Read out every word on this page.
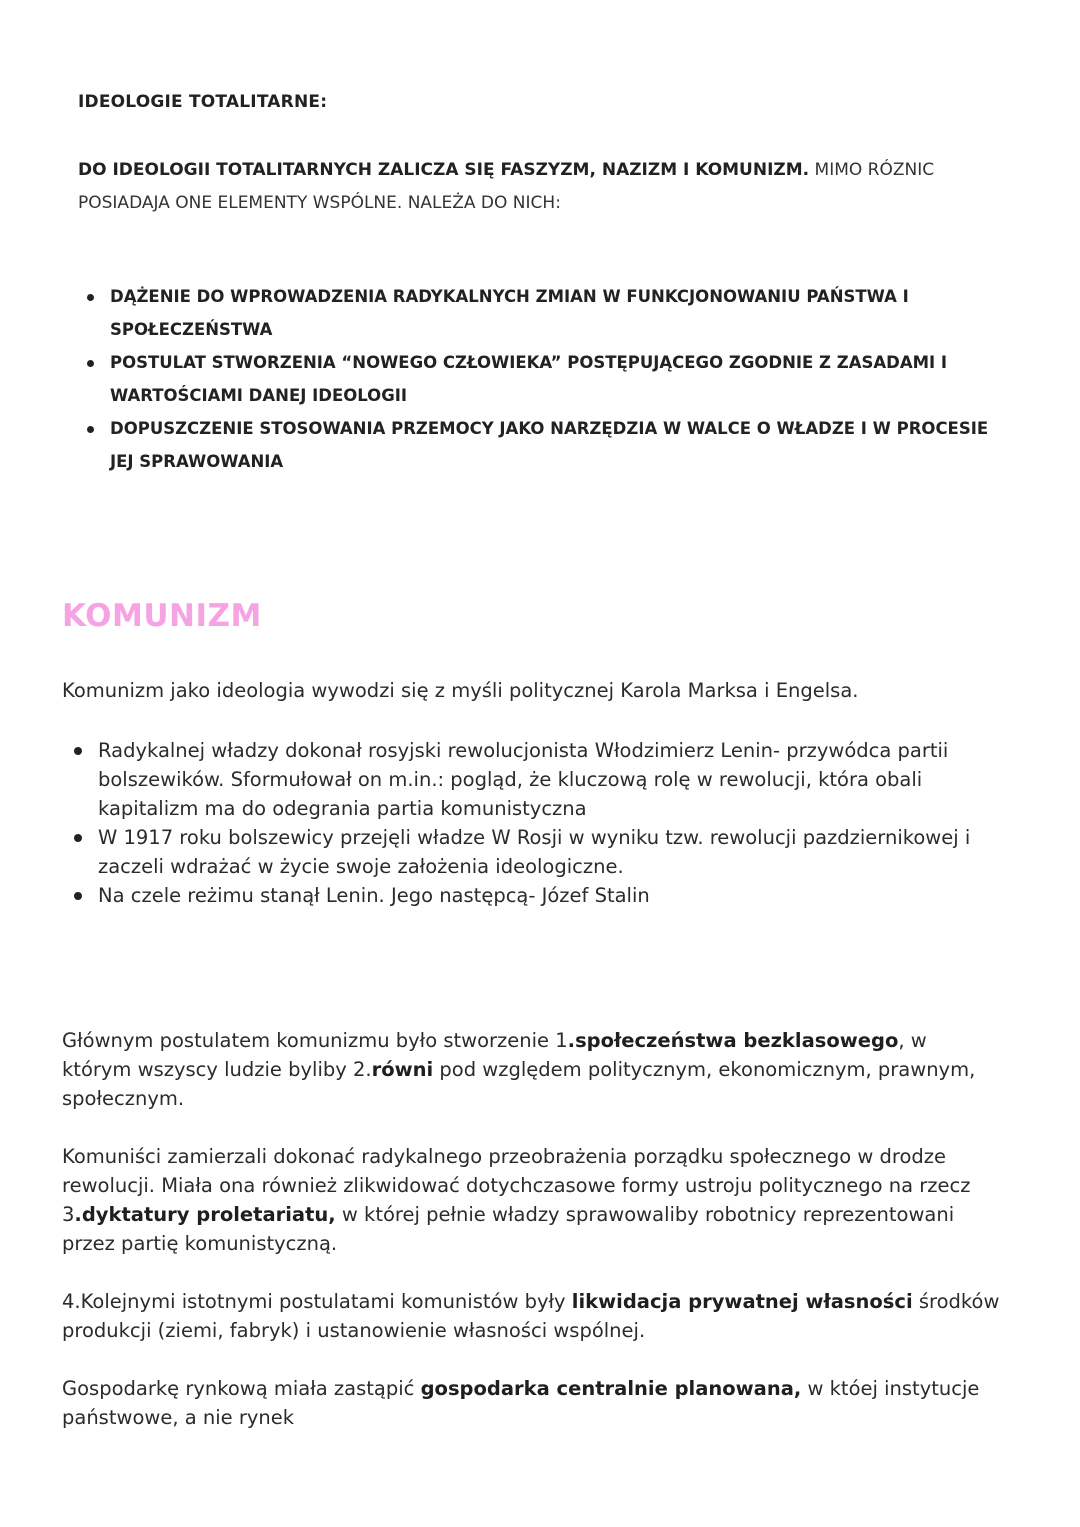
IDEOLOGIE TOTALITARNE:

DO IDEOLOGII TOTALITARNYCH ZALICZA SIĘ FASZYZM, NAZIZM I KOMUNIZM. MIMO RÓZNIC POSIADAJA ONE ELEMENTY WSPÓLNE. NALEŻA DO NICH:

DĄŻENIE DO WPROWADZENIA RADYKALNYCH ZMIAN W FUNKCJONOWANIU PAŃSTWA I SPOŁECZEŃSTWA
POSTULAT STWORZENIA “NOWEGO CZŁOWIEKA” POSTĘPUJĄCEGO ZGODNIE Z ZASADAMI I WARTOŚCIAMI DANEJ IDEOLOGII
DOPUSZCZENIE STOSOWANIA PRZEMOCY JAKO NARZĘDZIA W WALCE O WŁADZE I W PROCESIE JEJ SPRAWOWANIA
KOMUNIZM

Komunizm jako ideologia wywodzi się z myśli politycznej Karola Marksa i Engelsa.

Radykalnej władzy dokonał rosyjski rewolucjonista Włodzimierz Lenin- przywódca partii bolszewików. Sformułował on m.in.: pogląd, że kluczową rolę w rewolucji, która obali kapitalizm ma do odegrania partia komunistyczna
W 1917 roku bolszewicy przejęli władze W Rosji w wyniku tzw. rewolucji pazdziernikowej i zaczeli wdrażać w życie swoje założenia ideologiczne.
Na czele reżimu stanął Lenin. Jego następcą- Józef Stalin

Głównym postulatem komunizmu było stworzenie 1.społeczeństwa bezklasowego, w którym wszyscy ludzie byliby 2.równi pod względem politycznym, ekonomicznym, prawnym, społecznym.

Komuniści zamierzali dokonać radykalnego przeobrażenia porządku społecznego w drodze rewolucji. Miała ona również zlikwidować dotychczasowe formy ustroju politycznego na rzecz 3.dyktatury proletariatu, w której pełnie władzy sprawowaliby robotnicy reprezentowani przez partię komunistyczną.

4.Kolejnymi istotnymi postulatami komunistów były likwidacja prywatnej własności środków produkcji (ziemi, fabryk) i ustanowienie własności wspólnej.

Gospodarkę rynkową miała zastąpić gospodarka centralnie planowana, w któej instytucje państwowe, a nie rynek
